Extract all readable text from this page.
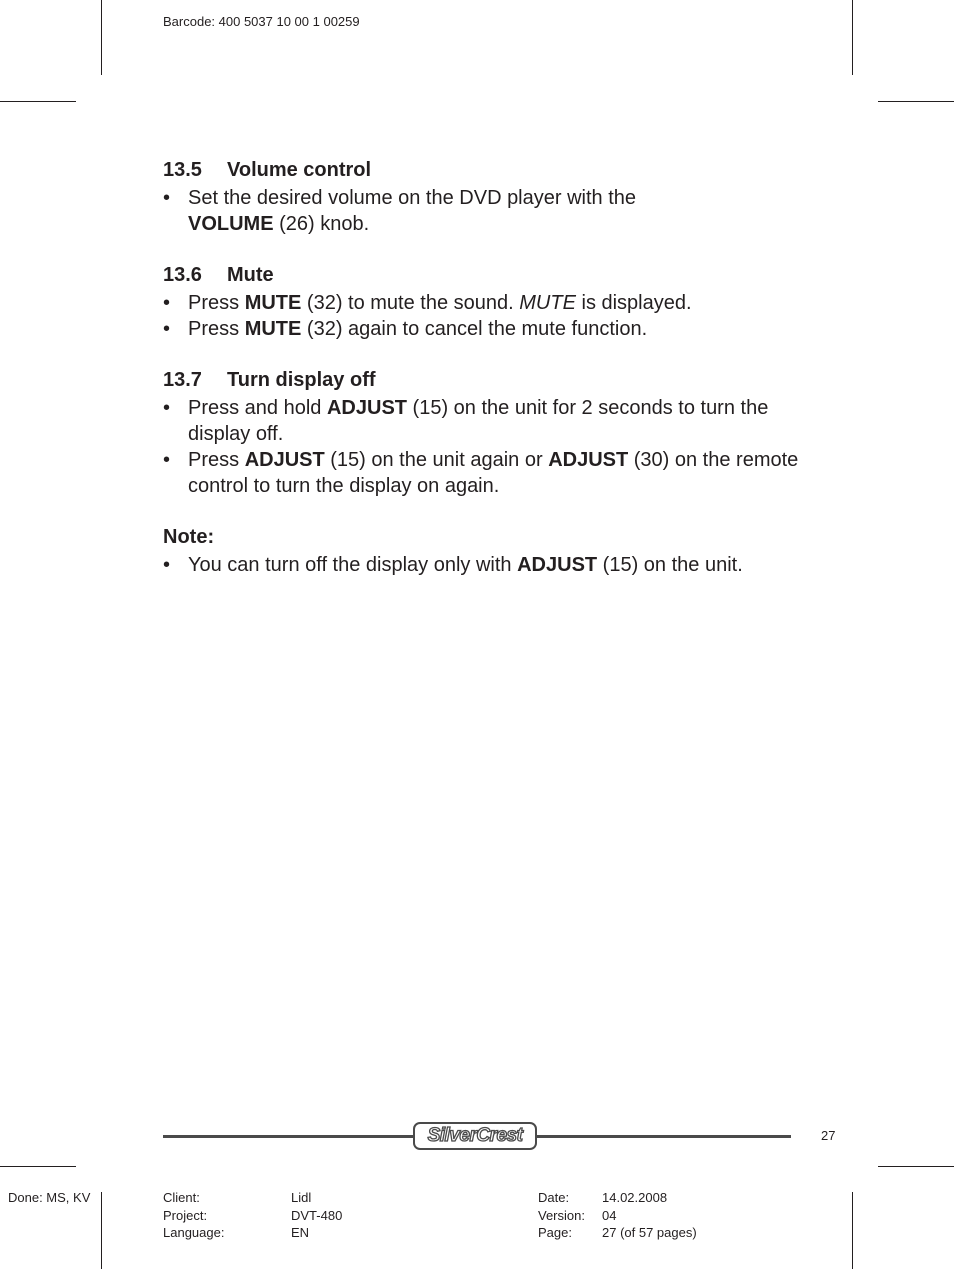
Barcode: 400 5037 10 00 1 00259
13.5 Volume control
• Set the desired volume on the DVD player with the
VOLUME (26) knob.
13.6 Mute
• Press MUTE (32) to mute the sound. MUTE is displayed.
• Press MUTE (32) again to cancel the mute function.
13.7 Turn display off
• Press and hold ADJUST (15) on the unit for 2 seconds to turn the display off.
• Press ADJUST (15) on the unit again or ADJUST (30) on the remote control to turn the display on again.
Note:
• You can turn off the display only with ADJUST (15) on the unit.
SilverCrest	27
Done: MS, KV	Client:	Lidl
Project:	DVT-480
Language:	EN
Date:	14.02.2008
Version: 04
Page: 27 (of 57 pages)
